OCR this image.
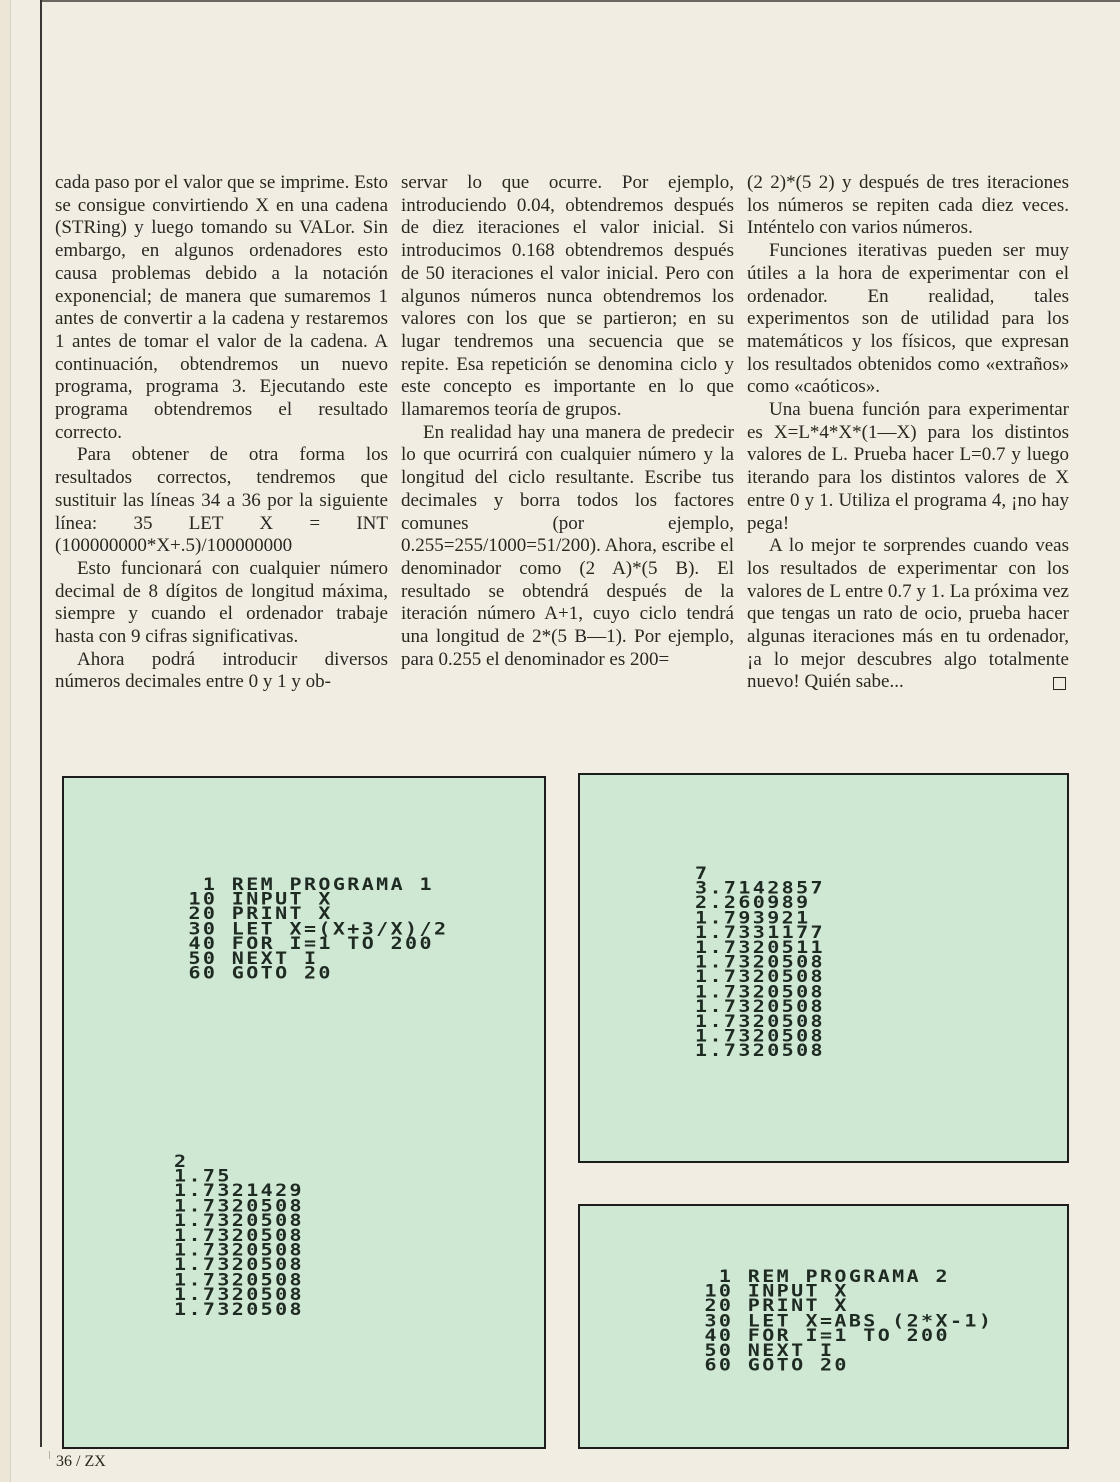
cada paso por el valor que se imprime. Esto se consigue convirtiendo X en una cadena (STRing) y luego tomando su VALor. Sin embargo, en algunos ordenadores esto causa problemas debido a la notación exponencial; de manera que sumaremos 1 antes de convertir a la cadena y restaremos 1 antes de tomar el valor de la cadena. A continuación, obtendremos un nuevo programa, programa 3. Ejecutando este programa obtendremos el resultado correcto.

Para obtener de otra forma los resultados correctos, tendremos que sustituir las líneas 34 a 36 por la siguiente línea: 35 LET X = INT (100000000*X+.5)/100000000

Esto funcionará con cualquier número decimal de 8 dígitos de longitud máxima, siempre y cuando el ordenador trabaje hasta con 9 cifras significativas.

Ahora podrá introducir diversos números decimales entre 0 y 1 y ob-

servar lo que ocurre. Por ejemplo, introduciendo 0.04, obtendremos después de diez iteraciones el valor inicial. Si introducimos 0.168 obtendremos después de 50 iteraciones el valor inicial. Pero con algunos números nunca obtendremos los valores con los que se partieron; en su lugar tendremos una secuencia que se repite. Esa repetición se denomina ciclo y este concepto es importante en lo que llamaremos teoría de grupos.

En realidad hay una manera de predecir lo que ocurrirá con cualquier número y la longitud del ciclo resultante. Escribe tus decimales y borra todos los factores comunes (por ejemplo, 0.255=255/1000=51/200). Ahora, escribe el denominador como (2 A)*(5 B). El resultado se obtendrá después de la iteración número A+1, cuyo ciclo tendrá una longitud de 2*(5 B—1). Por ejemplo, para 0.255 el denominador es 200=

(2 2)*(5 2) y después de tres iteraciones los números se repiten cada diez veces. Inténtelo con varios números.

Funciones iterativas pueden ser muy útiles a la hora de experimentar con el ordenador. En realidad, tales experimentos son de utilidad para los matemáticos y los físicos, que expresan los resultados obtenidos como «extraños» como «caóticos».

Una buena función para experimentar es X=L*4*X*(1—X) para los distintos valores de L. Prueba hacer L=0.7 y luego iterando para los distintos valores de X entre 0 y 1. Utiliza el programa 4, ¡no hay pega!

A lo mejor te sorprendes cuando veas los resultados de experimentar con los valores de L entre 0.7 y 1. La próxima vez que tengas un rato de ocio, prueba hacer algunas iteraciones más en tu ordenador, ¡a lo mejor descubres algo totalmente nuevo! Quién sabe...

1 REM PROGRAMA 1
10 INPUT X
20 PRINT X
30 LET X=(X+3/X)/2
40 FOR I=1 TO 200
50 NEXT I
60 GOTO 20
2
1.75
1.7321429
1.7320508
1.7320508
1.7320508
1.7320508
1.7320508
1.7320508
1.7320508
1.7320508
7
3.7142857
2.260989
1.793921
1.7331177
1.7320511
1.7320508
1.7320508
1.7320508
1.7320508
1.7320508
1.7320508
1.7320508
1 REM PROGRAMA 2
10 INPUT X
20 PRINT X
30 LET X=ABS (2*X-1)
40 FOR I=1 TO 200
50 NEXT I
60 GOTO 20
36 / ZX
